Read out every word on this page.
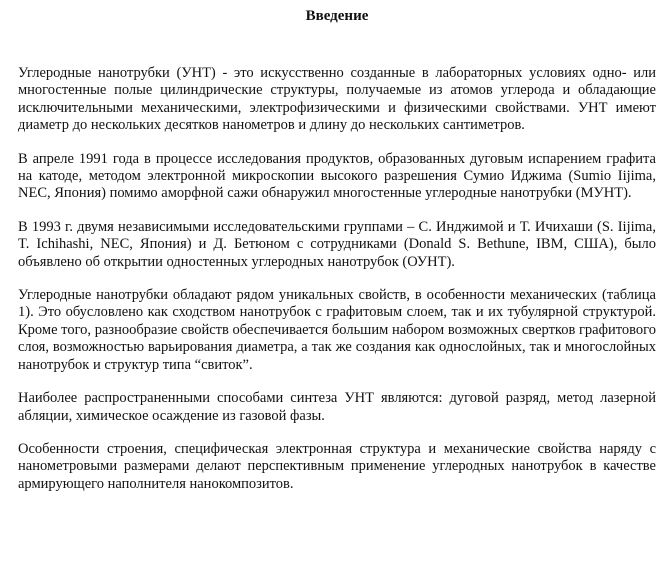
Введение

Углеродные нанотрубки (УНТ) - это искусственно созданные в лабораторных условиях одно- или многостенные полые цилиндрические структуры, получаемые из атомов углерода и обладающие исключительными механическими, электрофизическими и физическими свойствами. УНТ имеют диаметр до нескольких десятков нанометров и длину до нескольких сантиметров.

В апреле 1991 года в процессе исследования продуктов, образованных дуговым испарением графита на катоде, методом электронной микроскопии высокого разрешения Сумио Иджима (Sumio Iijima, NEC, Япония) помимо аморфной сажи обнаружил многостенные углеродные нанотрубки (МУНТ).

В 1993 г. двумя независимыми исследовательскими группами – С. Инджимой и Т. Ичихаши (S. Iijima, T. Ichihashi, NEC, Япония) и Д. Бетюном с сотрудниками (Donald S. Bethune, IBM, США), было объявлено об открытии одностенных углеродных нанотрубок (ОУНТ).

Углеродные нанотрубки обладают рядом уникальных свойств, в особенности механических (таблица 1). Это обусловлено как сходством нанотрубок с графитовым слоем, так и их тубулярной структурой. Кроме того, разнообразие свойств обеспечивается большим набором возможных свертков графитового слоя, возможностью варьирования диаметра, а так же создания как однослойных, так и многослойных нанотрубок и структур типа “свиток”.

Наиболее распространенными способами синтеза УНТ являются: дуговой разряд, метод лазерной абляции, химическое осаждение из газовой фазы.

Особенности строения, специфическая электронная структура и механические свойства наряду с нанометровыми размерами делают перспективным применение углеродных нанотрубок в качестве армирующего наполнителя нанокомпозитов.
